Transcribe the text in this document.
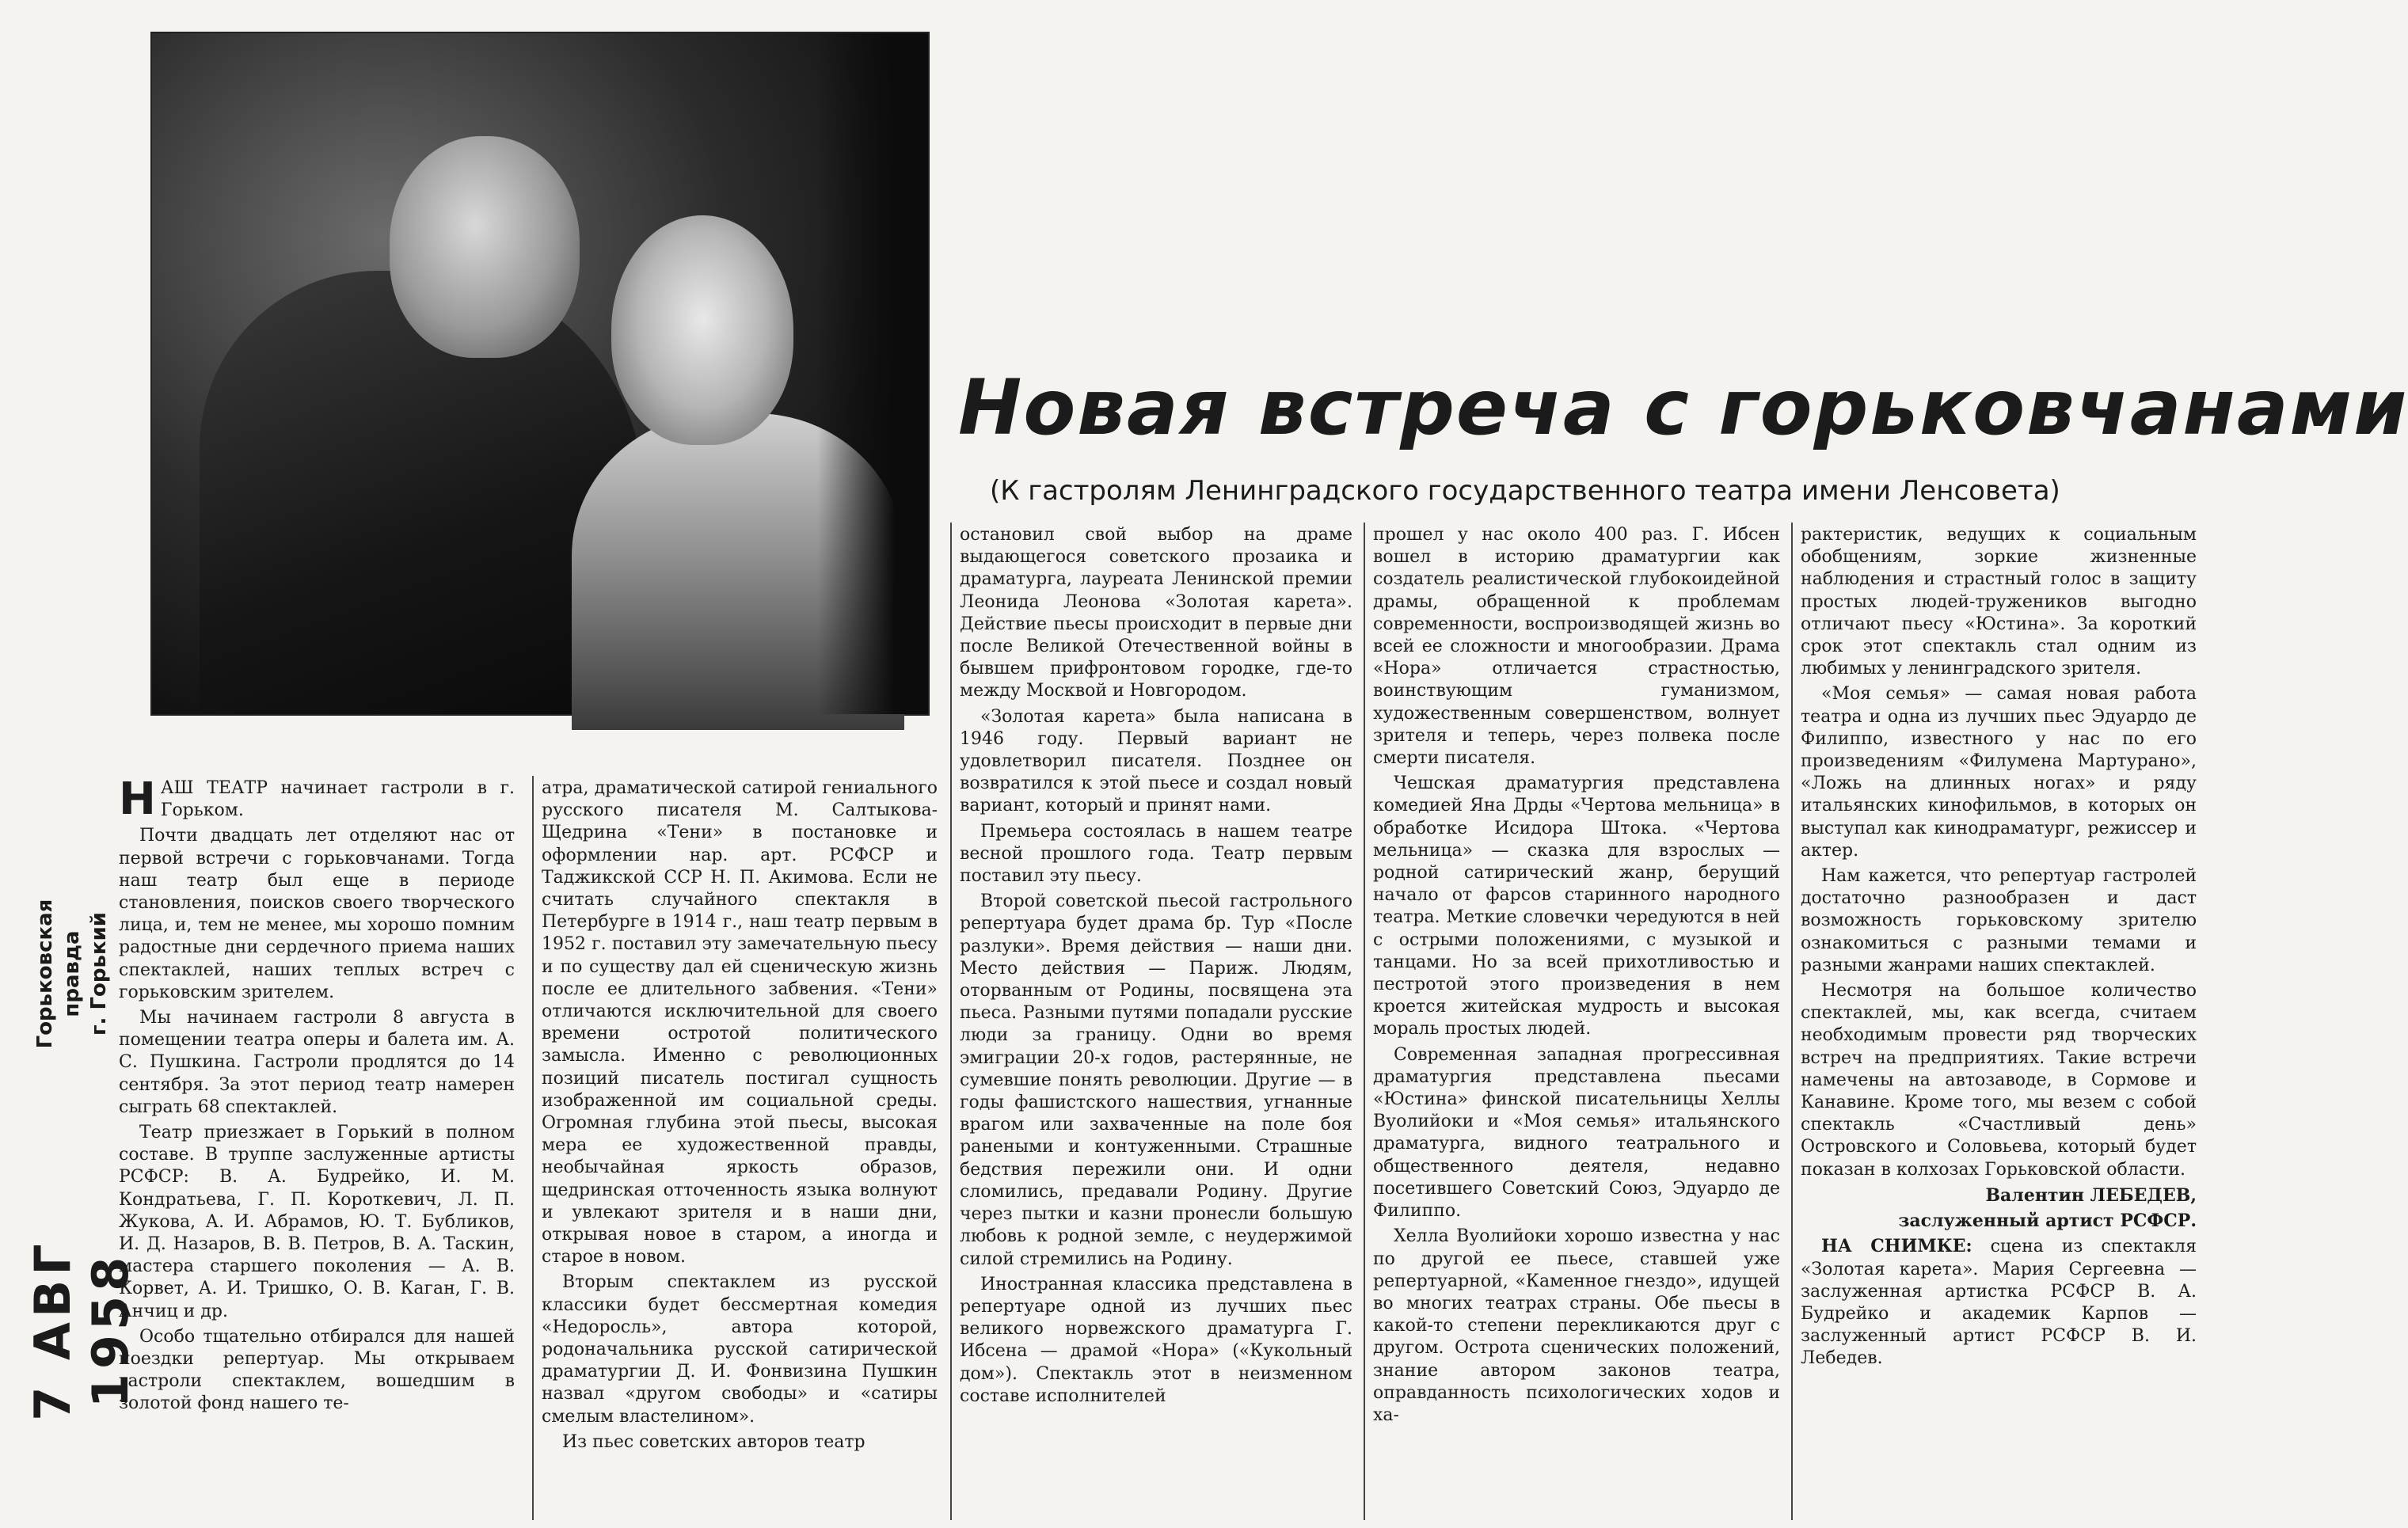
Горьковская правда г. Горький
7 АВГ 1958
Новая встреча с горьковчанами
(К гастролям Ленинградского государственного театра имени Ленсовета)

НАШ ТЕАТР начинает гастроли в г. Горьком.

Почти двадцать лет отделяют нас от первой встречи с горьковчанами. Тогда наш театр был еще в периоде становления, поисков своего творческого лица, и, тем не менее, мы хорошо помним радостные дни сердечного приема наших спектаклей, наших теплых встреч с горьковским зрителем.

Мы начинаем гастроли 8 августа в помещении театра оперы и балета им. А. С. Пушкина. Гастроли продлятся до 14 сентября. За этот период театр намерен сыграть 68 спектаклей.

Театр приезжает в Горький в полном составе. В труппе заслуженные артисты РСФСР: В. А. Будрейко, И. М. Кондратьева, Г. П. Короткевич, Л. П. Жукова, А. И. Абрамов, Ю. Т. Бубликов, И. Д. Назаров, В. В. Петров, В. А. Таскин, мастера старшего поколения — А. В. Корвет, А. И. Тришко, О. В. Каган, Г. В. Анчиц и др.

Особо тщательно отбирался для нашей поездки репертуар. Мы открываем гастроли спектаклем, вошедшим в золотой фонд нашего те-

атра, драматической сатирой гениального русского писателя М. Салтыкова-Щедрина «Тени» в постановке и оформлении нар. арт. РСФСР и Таджикской ССР Н. П. Акимова. Если не считать случайного спектакля в Петербурге в 1914 г., наш театр первым в 1952 г. поставил эту замечательную пьесу и по существу дал ей сценическую жизнь после ее длительного забвения. «Тени» отличаются исключительной для своего времени остротой политического замысла. Именно с революционных позиций писатель постигал сущность изображенной им социальной среды. Огромная глубина этой пьесы, высокая мера ее художественной правды, необычайная яркость образов, щедринская отточенность языка волнуют и увлекают зрителя и в наши дни, открывая новое в старом, а иногда и старое в новом.

Вторым спектаклем из русской классики будет бессмертная комедия «Недоросль», автора которой, родоначальника русской сатирической драматургии Д. И. Фонвизина Пушкин назвал «другом свободы» и «сатиры смелым властелином».

Из пьес советских авторов театр

остановил свой выбор на драме выдающегося советского прозаика и драматурга, лауреата Ленинской премии Леонида Леонова «Золотая карета». Действие пьесы происходит в первые дни после Великой Отечественной войны в бывшем прифронтовом городке, где-то между Москвой и Новгородом.

«Золотая карета» была написана в 1946 году. Первый вариант не удовлетворил писателя. Позднее он возвратился к этой пьесе и создал новый вариант, который и принят нами.

Премьера состоялась в нашем театре весной прошлого года. Театр первым поставил эту пьесу.

Второй советской пьесой гастрольного репертуара будет драма бр. Тур «После разлуки». Время действия — наши дни. Место действия — Париж. Людям, оторванным от Родины, посвящена эта пьеса. Разными путями попадали русские люди за границу. Одни во время эмиграции 20-х годов, растерянные, не сумевшие понять революции. Другие — в годы фашистского нашествия, угнанные врагом или захваченные на поле боя ранеными и контуженными. Страшные бедствия пережили они. И одни сломились, предавали Родину. Другие через пытки и казни пронесли большую любовь к родной земле, с неудержимой силой стремились на Родину.

Иностранная классика представлена в репертуаре одной из лучших пьес великого норвежского драматурга Г. Ибсена — драмой «Нора» («Кукольный дом»). Спектакль этот в неизменном составе исполнителей

прошел у нас около 400 раз. Г. Ибсен вошел в историю драматургии как создатель реалистической глубокоидейной драмы, обращенной к проблемам современности, воспроизводящей жизнь во всей ее сложности и многообразии. Драма «Нора» отличается страстностью, воинствующим гуманизмом, художественным совершенством, волнует зрителя и теперь, через полвека после смерти писателя.

Чешская драматургия представлена комедией Яна Дрды «Чертова мельница» в обработке Исидора Штока. «Чертова мельница» — сказка для взрослых — родной сатирический жанр, берущий начало от фарсов старинного народного театра. Меткие словечки чередуются в ней с острыми положениями, с музыкой и танцами. Но за всей прихотливостью и пестротой этого произведения в нем кроется житейская мудрость и высокая мораль простых людей.

Современная западная прогрессивная драматургия представлена пьесами «Юстина» финской писательницы Хеллы Вуолийоки и «Моя семья» итальянского драматурга, видного театрального и общественного деятеля, недавно посетившего Советский Союз, Эдуардо де Филиппо.

Хелла Вуолийоки хорошо известна у нас по другой ее пьесе, ставшей уже репертуарной, «Каменное гнездо», идущей во многих театрах страны. Обе пьесы в какой-то степени перекликаются друг с другом. Острота сценических положений, знание автором законов театра, оправданность психологических ходов и ха-

рактеристик, ведущих к социальным обобщениям, зоркие жизненные наблюдения и страстный голос в защиту простых людей-тружеников выгодно отличают пьесу «Юстина». За короткий срок этот спектакль стал одним из любимых у ленинградского зрителя.

«Моя семья» — самая новая работа театра и одна из лучших пьес Эдуардо де Филиппо, известного у нас по его произведениям «Филумена Мартурано», «Ложь на длинных ногах» и ряду итальянских кинофильмов, в которых он выступал как кинодраматург, режиссер и актер.

Нам кажется, что репертуар гастролей достаточно разнообразен и даст возможность горьковскому зрителю ознакомиться с разными темами и разными жанрами наших спектаклей.

Несмотря на большое количество спектаклей, мы, как всегда, считаем необходимым провести ряд творческих встреч на предприятиях. Такие встречи намечены на автозаводе, в Сормове и Канавине. Кроме того, мы везем с собой спектакль «Счастливый день» Островского и Соловьева, который будет показан в колхозах Горьковской области.

Валентин ЛЕБЕДЕВ,

заслуженный артист РСФСР.

НА СНИМКЕ: сцена из спектакля «Золотая карета». Мария Сергеевна — заслуженная артистка РСФСР В. А. Будрейко и академик Карпов — заслуженный артист РСФСР В. И. Лебедев.
